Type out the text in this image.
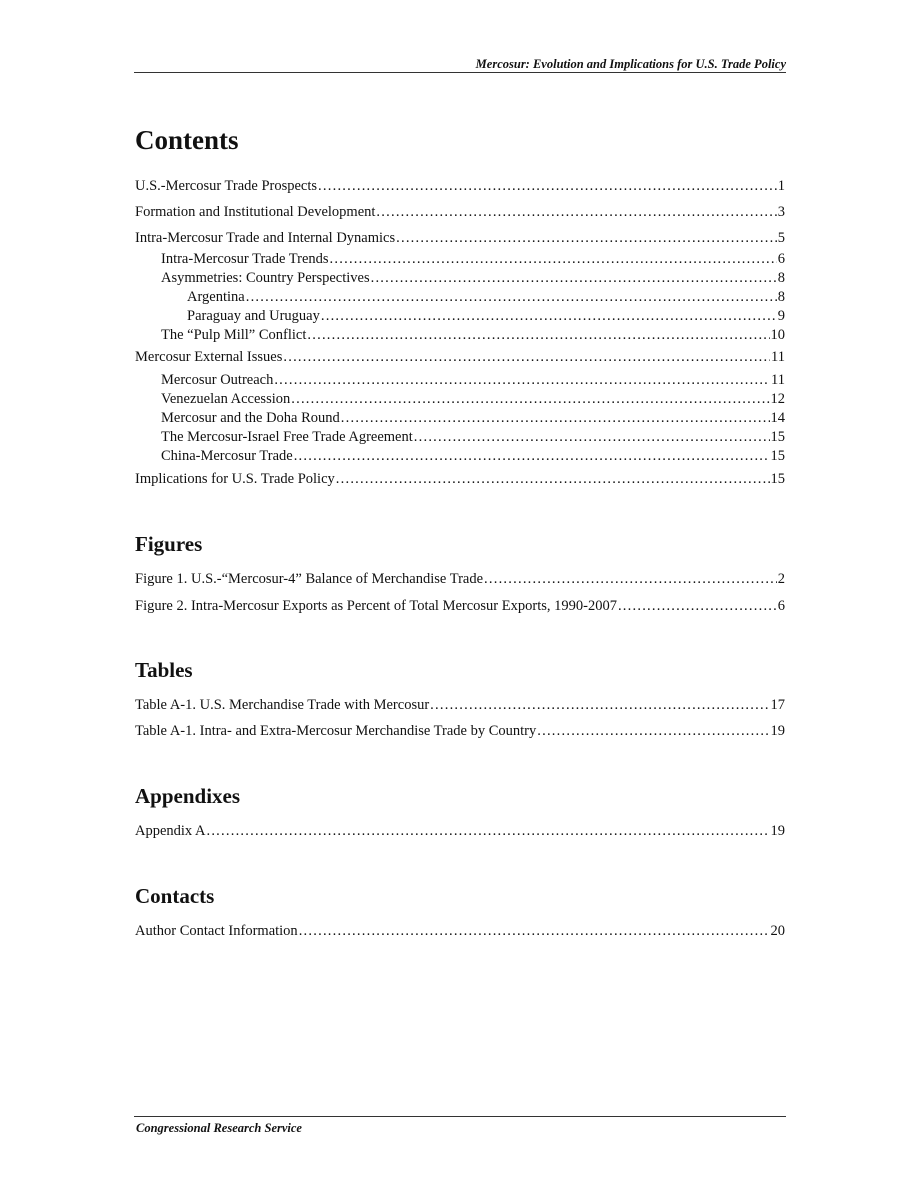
Mercosur: Evolution and Implications for U.S. Trade Policy
Contents
U.S.-Mercosur Trade Prospects . . .	1
Formation and Institutional Development . . .	3
Intra-Mercosur Trade and Internal Dynamics . . .	5
Intra-Mercosur Trade Trends . . .	6
Asymmetries: Country Perspectives . . .	8
Argentina . . .	8
Paraguay and Uruguay . . .	9
The “Pulp Mill” Conflict . . .	10
Mercosur External Issues . . .	11
Mercosur Outreach . . .	11
Venezuelan Accession . . .	12
Mercosur and the Doha Round . . .	14
The Mercosur-Israel Free Trade Agreement . . .	15
China-Mercosur Trade . . .	15
Implications for U.S. Trade Policy . . .	15
Figures
Figure 1. U.S.-“Mercosur-4” Balance of Merchandise Trade . . .	2
Figure 2. Intra-Mercosur Exports as Percent of Total Mercosur Exports, 1990-2007 . . .	6
Tables
Table A-1. U.S. Merchandise Trade with Mercosur . . .	17
Table A-1. Intra- and Extra-Mercosur Merchandise Trade by Country . . .	19
Appendixes
Appendix A . . .	19
Contacts
Author Contact Information . . .	20
Congressional Research Service
